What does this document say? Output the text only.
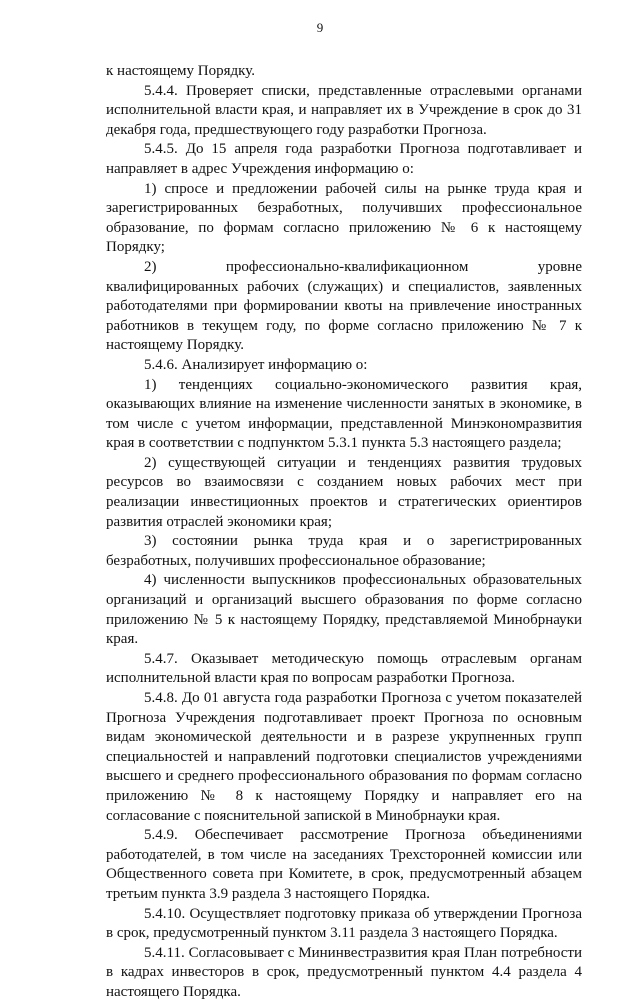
9

к настоящему Порядку.

5.4.4. Проверяет списки, представленные отраслевыми органами исполнительной власти края, и направляет их в Учреждение в срок до 31 декабря года, предшествующего году разработки Прогноза.

5.4.5. До 15 апреля года разработки Прогноза подготавливает и направляет в адрес Учреждения информацию о:

1) спросе и предложении рабочей силы на рынке труда края и зарегистрированных безработных, получивших профессиональное образование, по формам согласно приложению № 6 к настоящему Порядку;

2) профессионально-квалификационном уровне квалифицированных рабочих (служащих) и специалистов, заявленных работодателями при формировании квоты на привлечение иностранных работников в текущем году, по форме согласно приложению № 7 к настоящему Порядку.

5.4.6. Анализирует информацию о:

1) тенденциях социально-экономического развития края, оказывающих влияние на изменение численности занятых в экономике, в том числе с учетом информации, представленной Минэкономразвития края в соответствии с подпунктом 5.3.1 пункта 5.3 настоящего раздела;

2) существующей ситуации и тенденциях развития трудовых ресурсов во взаимосвязи с созданием новых рабочих мест при реализации инвестиционных проектов и стратегических ориентиров развития отраслей экономики края;

3) состоянии рынка труда края и о зарегистрированных безработных, получивших профессиональное образование;

4) численности выпускников профессиональных образовательных организаций и организаций высшего образования по форме согласно приложению № 5 к настоящему Порядку, представляемой Минобрнауки края.

5.4.7. Оказывает методическую помощь отраслевым органам исполнительной власти края по вопросам разработки Прогноза.

5.4.8. До 01 августа года разработки Прогноза с учетом показателей Прогноза Учреждения подготавливает проект Прогноза по основным видам экономической деятельности и в разрезе укрупненных групп специальностей и направлений подготовки специалистов учреждениями высшего и среднего профессионального образования по формам согласно приложению № 8 к настоящему Порядку и направляет его на согласование с пояснительной запиской в Минобрнауки края.

5.4.9. Обеспечивает рассмотрение Прогноза объединениями работодателей, в том числе на заседаниях Трехсторонней комиссии или Общественного совета при Комитете, в срок, предусмотренный абзацем третьим пункта 3.9 раздела 3 настоящего Порядка.

5.4.10. Осуществляет подготовку приказа об утверждении Прогноза в срок, предусмотренный пунктом 3.11 раздела 3 настоящего Порядка.

5.4.11. Согласовывает с Мининвестразвития края План потребности в кадрах инвесторов в срок, предусмотренный пунктом 4.4 раздела 4 настоящего Порядка.
